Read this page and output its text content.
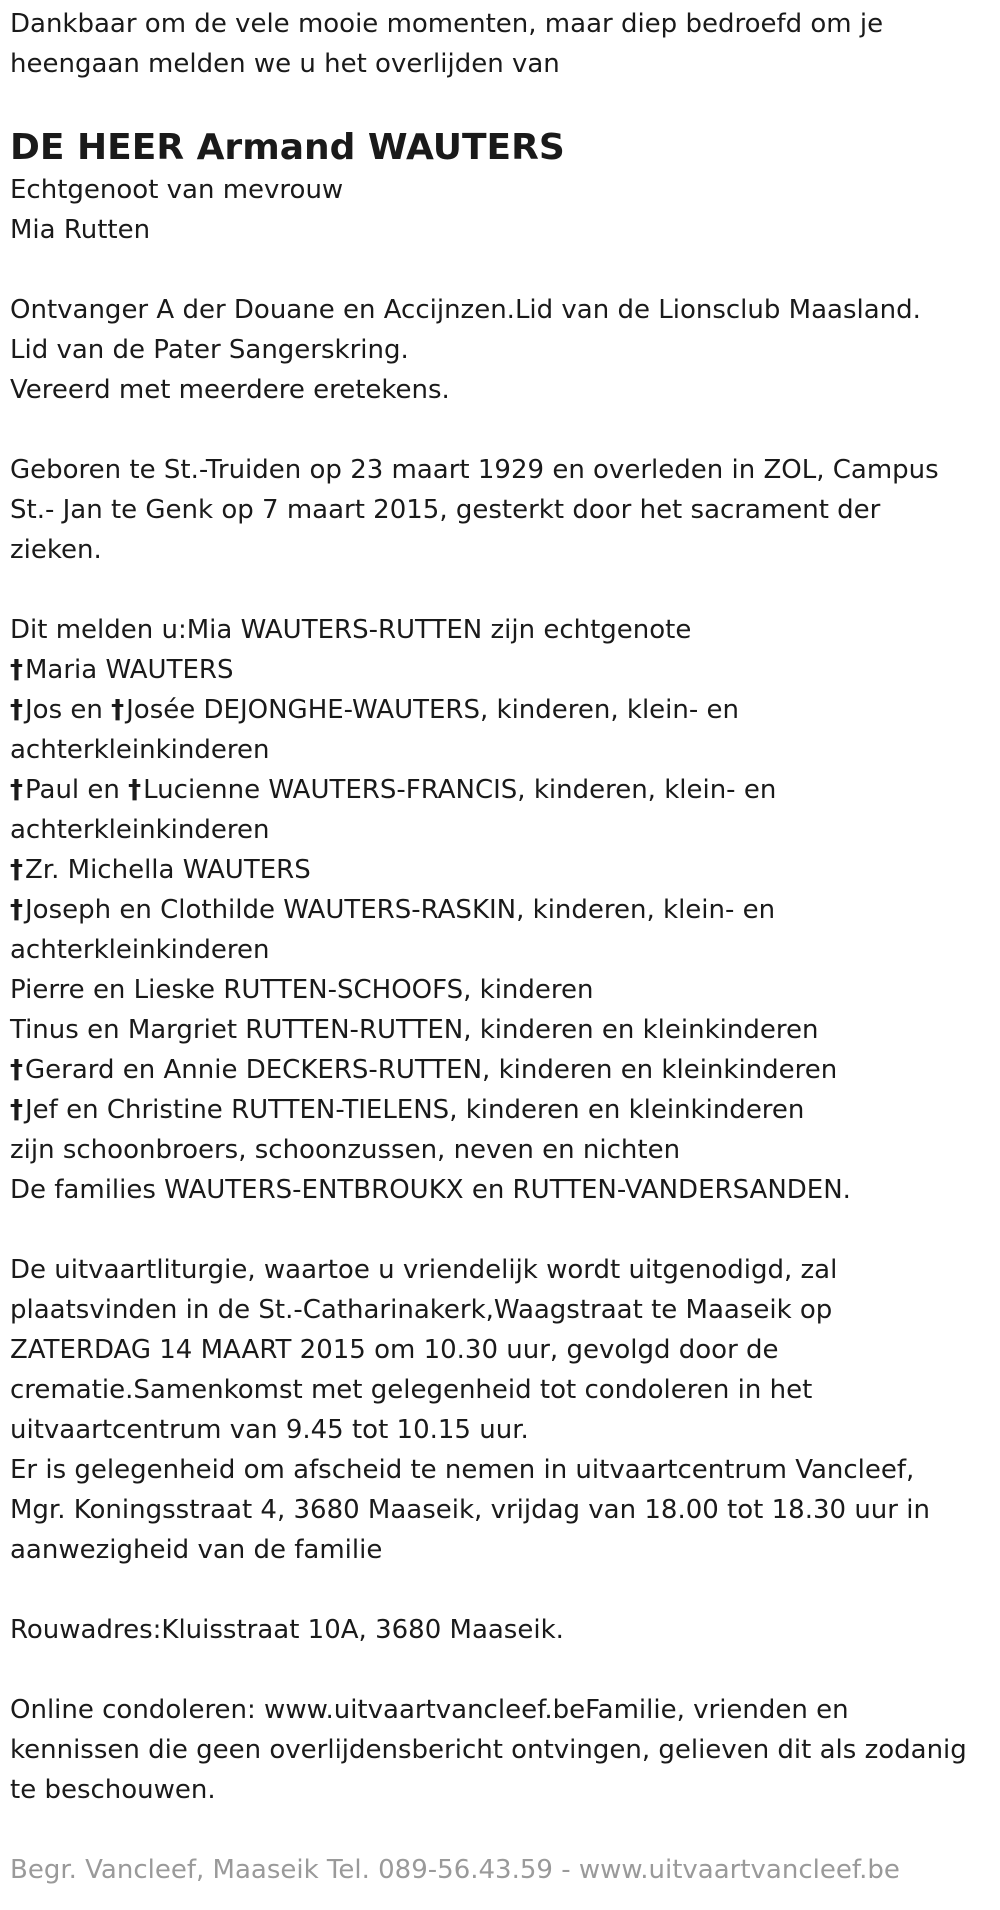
Dankbaar om de vele mooie momenten, maar diep bedroefd om je

heengaan melden we u het overlijden van

DE HEER Armand WAUTERS

Echtgenoot van mevrouw

Mia Rutten

Ontvanger A der Douane en Accijnzen.Lid van de Lionsclub Maasland.

Lid van de Pater Sangerskring.

Vereerd met meerdere eretekens.

Geboren te St.-Truiden op 23 maart 1929 en overleden in ZOL, Campus

St.- Jan te Genk op 7 maart 2015, gesterkt door het sacrament der

zieken.

Dit melden u:Mia WAUTERS-RUTTEN zijn echtgenote

†Maria WAUTERS

†Jos en †Josée DEJONGHE-WAUTERS, kinderen, klein- en

achterkleinkinderen

†Paul en †Lucienne WAUTERS-FRANCIS, kinderen, klein- en

achterkleinkinderen

†Zr. Michella WAUTERS

†Joseph en Clothilde WAUTERS-RASKIN, kinderen, klein- en

achterkleinkinderen

Pierre en Lieske RUTTEN-SCHOOFS, kinderen

Tinus en Margriet RUTTEN-RUTTEN, kinderen en kleinkinderen

†Gerard en Annie DECKERS-RUTTEN, kinderen en kleinkinderen

†Jef en Christine RUTTEN-TIELENS, kinderen en kleinkinderen

zijn schoonbroers, schoonzussen, neven en nichten

De families WAUTERS-ENTBROUKX en RUTTEN-VANDERSANDEN.

De uitvaartliturgie, waartoe u vriendelijk wordt uitgenodigd, zal

plaatsvinden in de St.-Catharinakerk,Waagstraat te Maaseik op

ZATERDAG 14 MAART 2015 om 10.30 uur, gevolgd door de

crematie.Samenkomst met gelegenheid tot condoleren in het

uitvaartcentrum van 9.45 tot 10.15 uur.

Er is gelegenheid om afscheid te nemen in uitvaartcentrum Vancleef,

Mgr. Koningsstraat 4, 3680 Maaseik, vrijdag van 18.00 tot 18.30 uur in

aanwezigheid van de familie

Rouwadres:Kluisstraat 10A, 3680 Maaseik.

Online condoleren: www.uitvaartvancleef.beFamilie, vrienden en

kennissen die geen overlijdensbericht ontvingen, gelieven dit als zodanig

te beschouwen.

Begr. Vancleef, Maaseik Tel. 089-56.43.59 - www.uitvaartvancleef.be
